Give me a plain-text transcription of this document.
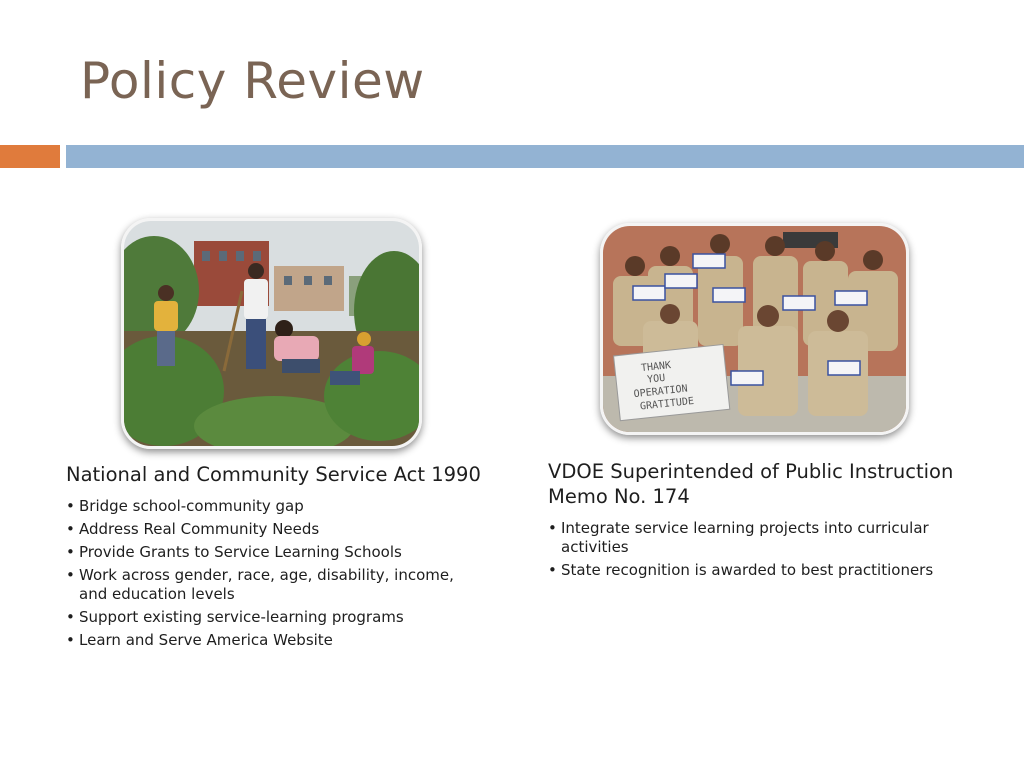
Policy Review
THANK
YOU
OPERATION
GRATITUDE
National and Community Service Act 1990
• Bridge school-community gap
• Address Real Community Needs
• Provide Grants to Service Learning Schools
• Work across gender, race, age, disability, income, and education levels
• Support existing service-learning programs
• Learn and Serve America Website
VDOE Superintended of Public Instruction Memo No. 174
• Integrate service learning projects into curricular activities
• State recognition is awarded to best practitioners
